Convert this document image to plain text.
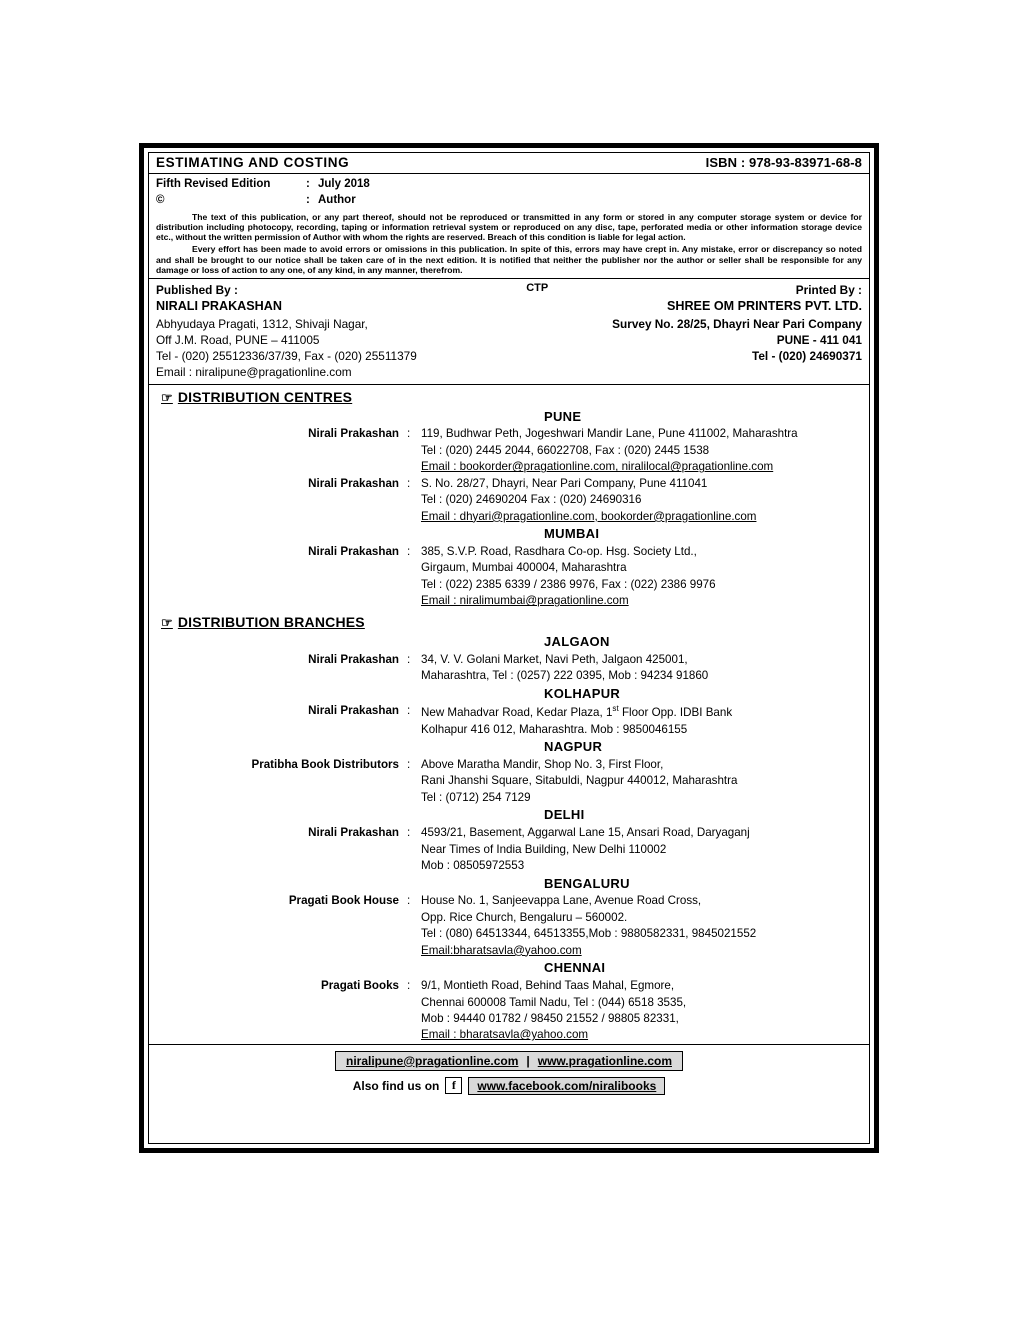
ESTIMATING AND COSTING	ISBN : 978-93-83971-68-8
Fifth Revised Edition	: July 2018
©	: Author

The text of this publication, or any part thereof, should not be reproduced or transmitted in any form or stored in any computer storage system or device for distribution including photocopy, recording, taping or information retrieval system or reproduced on any disc, tape, perforated media or other information storage device etc., without the written permission of Author with whom the rights are reserved. Breach of this condition is liable for legal action.

Every effort has been made to avoid errors or omissions in this publication. In spite of this, errors may have crept in. Any mistake, error or discrepancy so noted and shall be brought to our notice shall be taken care of in the next edition. It is notified that neither the publisher nor the author or seller shall be responsible for any damage or loss of action to any one, of any kind, in any manner, therefrom.

Published By :
NIRALI PRAKASHAN
Abhyudaya Pragati, 1312, Shivaji Nagar,
Off J.M. Road, PUNE – 411005
Tel - (020) 25512336/37/39, Fax - (020) 25511379
Email : niralipune@pragationline.com
CTP	Printed By :
SHREE OM PRINTERS PVT. LTD.
Survey No. 28/25, Dhayri Near Pari Company
PUNE - 411 041
Tel - (020) 24690371
☞ DISTRIBUTION CENTRES
PUNE
Nirali Prakashan : 119, Budhwar Peth, Jogeshwari Mandir Lane, Pune 411002, Maharashtra
Tel : (020) 2445 2044, 66022708, Fax : (020) 2445 1538
Email : bookorder@pragationline.com, niralilocal@pragationline.com
Nirali Prakashan : S. No. 28/27, Dhayri, Near Pari Company, Pune 411041
Tel : (020) 24690204 Fax : (020) 24690316
Email : dhyari@pragationline.com, bookorder@pragationline.com
MUMBAI
Nirali Prakashan : 385, S.V.P. Road, Rasdhara Co-op. Hsg. Society Ltd.,
Girgaum, Mumbai 400004, Maharashtra
Tel : (022) 2385 6339 / 2386 9976, Fax : (022) 2386 9976
Email : niralimumbai@pragationline.com
☞ DISTRIBUTION BRANCHES
JALGAON
Nirali Prakashan : 34, V. V. Golani Market, Navi Peth, Jalgaon 425001,
Maharashtra, Tel : (0257) 222 0395, Mob : 94234 91860
KOLHAPUR
Nirali Prakashan : New Mahadvar Road, Kedar Plaza, 1st Floor Opp. IDBI Bank
Kolhapur 416 012, Maharashtra. Mob : 9850046155
NAGPUR
Pratibha Book Distributors : Above Maratha Mandir, Shop No. 3, First Floor,
Rani Jhanshi Square, Sitabuldi, Nagpur 440012, Maharashtra
Tel : (0712) 254 7129
DELHI
Nirali Prakashan : 4593/21, Basement, Aggarwal Lane 15, Ansari Road, Daryaganj
Near Times of India Building, New Delhi 110002
Mob : 08505972553
BENGALURU
Pragati Book House : House No. 1, Sanjeevappa Lane, Avenue Road Cross,
Opp. Rice Church, Bengaluru – 560002.
Tel : (080) 64513344, 64513355,Mob : 9880582331, 9845021552
Email:bharatsavla@yahoo.com
CHENNAI
Pragati Books : 9/1, Montieth Road, Behind Taas Mahal, Egmore,
Chennai 600008 Tamil Nadu, Tel : (044) 6518 3535,
Mob : 94440 01782 / 98450 21552 / 98805 82331,
Email : bharatsavla@yahoo.com
niralipune@pragationline.com | www.pragationline.com
Also find us on	f	www.facebook.com/niralibooks
